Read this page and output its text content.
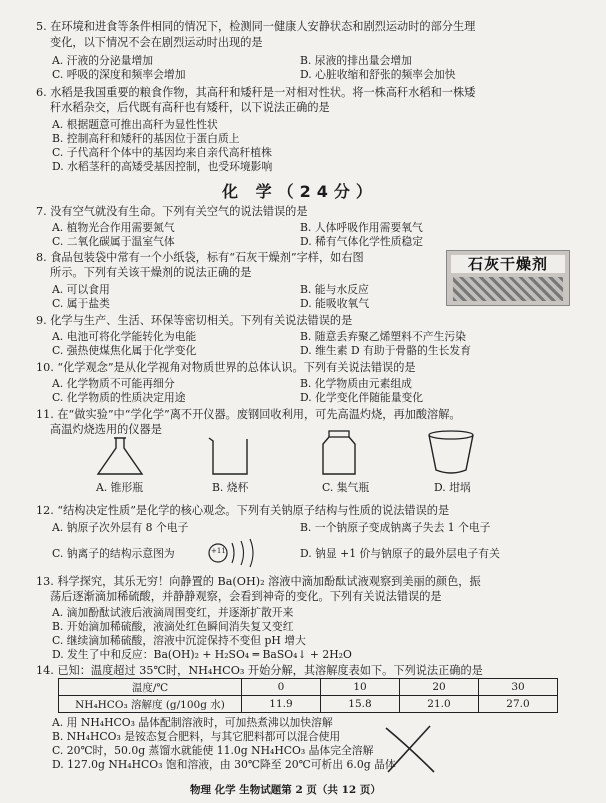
5. 在环境和进食等条件相同的情况下，检测同一健康人安静状态和剧烈运动时的部分生理
变化，以下情况不会在剧烈运动时出现的是
A. 汗液的分泌量增加	B. 尿液的排出量会增加
C. 呼吸的深度和频率会增加	D. 心脏收缩和舒张的频率会加快
6. 水稻是我国重要的粮食作物，其高秆和矮秆是一对相对性状。将一株高秆水稻和一株矮
秆水稻杂交，后代既有高秆也有矮秆，以下说法正确的是
A. 根据题意可推出高秆为显性性状
B. 控制高秆和矮秆的基因位于蛋白质上
C. 子代高秆个体中的基因均来自亲代高秆植株
D. 水稻茎秆的高矮受基因控制，也受环境影响
化 学（24分）
7. 没有空气就没有生命。下列有关空气的说法错误的是
A. 植物光合作用需要氮气	B. 人体呼吸作用需要氧气
C. 二氧化碳属于温室气体	D. 稀有气体化学性质稳定
8. 食品包装袋中常有一个小纸袋，标有“石灰干燥剂”字样，如右图
所示。下列有关该干燥剂的说法正确的是
A. 可以食用	B. 能与水反应
C. 属于盐类	D. 能吸收氧气
石灰干燥剂
9. 化学与生产、生活、环保等密切相关。下列有关说法错误的是
A. 电池可将化学能转化为电能	B. 随意丢弃聚乙烯塑料不产生污染
C. 强热使煤焦化属于化学变化	D. 维生素 D 有助于骨骼的生长发育
10. “化学观念”是从化学视角对物质世界的总体认识。下列有关说法错误的是
A. 化学物质不可能再细分	B. 化学物质由元素组成
C. 化学物质的性质决定用途	D. 化学变化伴随能量变化
11. 在“做实验”中“学化学”离不开仪器。废钢回收利用，可先高温灼烧，再加酸溶解。
高温灼烧选用的仪器是
A. 锥形瓶	B. 烧杯	C. 集气瓶	D. 坩埚
12. “结构决定性质”是化学的核心观念。下列有关钠原子结构与性质的说法错误的是
A. 钠原子次外层有 8 个电子	B. 一个钠原子变成钠离子失去 1 个电子
C. 钠离子的结构示意图为	D. 钠显 +1 价与钠原子的最外层电子有关
+11
13. 科学探究，其乐无穷！向静置的 Ba(OH)₂ 溶液中滴加酚酞试液观察到美丽的颜色，振
荡后逐渐滴加稀硫酸，并静静观察，会看到神奇的变化。下列有关说法错误的是
A. 滴加酚酞试液后液滴周围变红，并逐渐扩散开来
B. 开始滴加稀硫酸，液滴处红色瞬间消失复又变红
C. 继续滴加稀硫酸，溶液中沉淀保持不变但 pH 增大
D. 发生了中和反应：Ba(OH)₂ + H₂SO₄ ═ BaSO₄↓ + 2H₂O
14. 已知：温度超过 35℃时，NH₄HCO₃ 开始分解，其溶解度表如下。下列说法正确的是
温度/℃	0	10	20	30
NH₄HCO₃ 溶解度 (g/100g 水)	11.9	15.8	21.0	27.0
A. 用 NH₄HCO₃ 晶体配制溶液时，可加热煮沸以加快溶解
B. NH₄HCO₃ 是铵态复合肥料，与其它肥料都可以混合使用
C. 20℃时，50.0g 蒸馏水就能使 11.0g NH₄HCO₃ 晶体完全溶解
D. 127.0g NH₄HCO₃ 饱和溶液，由 30℃降至 20℃可析出 6.0g 晶体
物理 化学 生物试题第 2 页（共 12 页）
